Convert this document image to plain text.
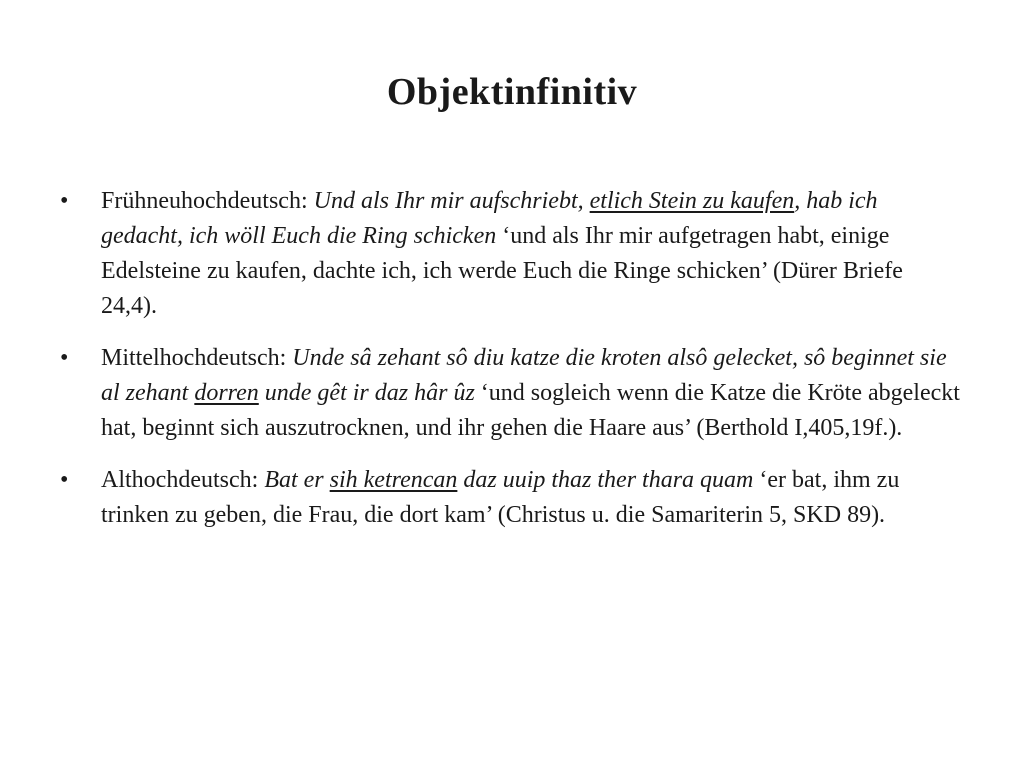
Objektinfinitiv
• Frühneuhochdeutsch: Und als Ihr mir aufschriebt, etlich Stein zu kaufen, hab ich gedacht, ich wöll Euch die Ring schicken ‘und als Ihr mir aufgetragen habt, einige Edelsteine zu kaufen, dachte ich, ich werde Euch die Ringe schicken’ (Dürer Briefe 24,4).
• Mittelhochdeutsch: Unde sâ zehant sô diu katze die kroten alsô gelecket, sô beginnet sie al zehant dorren unde gêt ir daz hâr ûz ‘und sogleich wenn die Katze die Kröte abgeleckt hat, beginnt sich auszutrocknen, und ihr gehen die Haare aus’ (Berthold I,405,19f.).
• Althochdeutsch: Bat er sih ketrencan daz uuip thaz ther thara quam ‘er bat, ihm zu trinken zu geben, die Frau, die dort kam’ (Christus u. die Samariterin 5, SKD 89).
